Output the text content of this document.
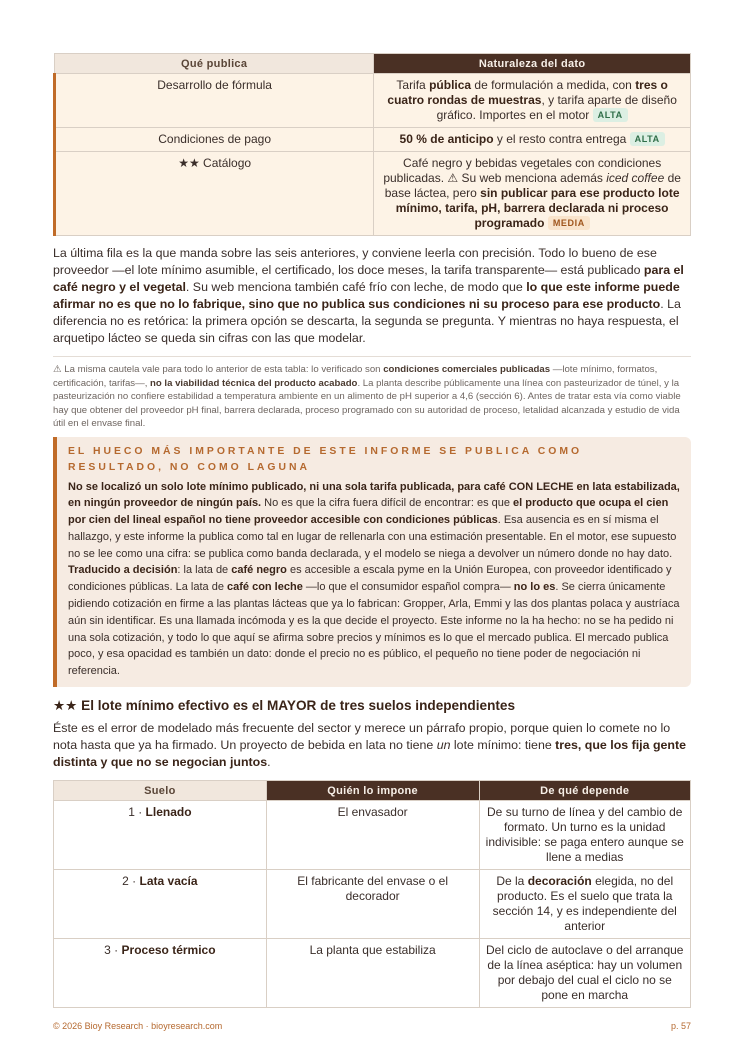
Qué publica	Naturaleza del dato
Desarrollo de fórmula	Tarifa pública de formulación a medida, con tres o cuatro rondas de muestras, y tarifa aparte de diseño gráfico. Importes en el motor ALTA
Condiciones de pago	50 % de anticipo y el resto contra entrega ALTA
★★ Catálogo	Café negro y bebidas vegetales con condiciones publicadas. ⚠ Su web menciona además iced coffee de base láctea, pero sin publicar para ese producto lote mínimo, tarifa, pH, barrera declarada ni proceso programado MEDIA

La última fila es la que manda sobre las seis anteriores, y conviene leerla con precisión. Todo lo bueno de ese proveedor —el lote mínimo asumible, el certificado, los doce meses, la tarifa transparente— está publicado para el café negro y el vegetal. Su web menciona también café frío con leche, de modo que lo que este informe puede afirmar no es que no lo fabrique, sino que no publica sus condiciones ni su proceso para ese producto. La diferencia no es retórica: la primera opción se descarta, la segunda se pregunta. Y mientras no haya respuesta, el arquetipo lácteo se queda sin cifras con las que modelar.

⚠ La misma cautela vale para todo lo anterior de esta tabla: lo verificado son condiciones comerciales publicadas —lote mínimo, formatos, certificación, tarifas—, no la viabilidad técnica del producto acabado. La planta describe públicamente una línea con pasteurizador de túnel, y la pasteurización no confiere estabilidad a temperatura ambiente en un alimento de pH superior a 4,6 (sección 6). Antes de tratar esta vía como viable hay que obtener del proveedor pH final, barrera declarada, proceso programado con su autoridad de proceso, letalidad alcanzada y estudio de vida útil en el envase final.

EL HUECO MÁS IMPORTANTE DE ESTE INFORME SE PUBLICA COMO RESULTADO, NO COMO LAGUNA
No se localizó un solo lote mínimo publicado, ni una sola tarifa publicada, para café CON LECHE en lata estabilizada, en ningún proveedor de ningún país. No es que la cifra fuera difícil de encontrar: es que el producto que ocupa el cien por cien del lineal español no tiene proveedor accesible con condiciones públicas. Esa ausencia es en sí misma el hallazgo, y este informe la publica como tal en lugar de rellenarla con una estimación presentable. En el motor, ese supuesto no se lee como una cifra: se publica como banda declarada, y el modelo se niega a devolver un número donde no hay dato. Traducido a decisión: la lata de café negro es accesible a escala pyme en la Unión Europea, con proveedor identificado y condiciones públicas. La lata de café con leche —lo que el consumidor español compra— no lo es. Se cierra únicamente pidiendo cotización en firme a las plantas lácteas que ya lo fabrican: Gropper, Arla, Emmi y las dos plantas polaca y austríaca aún sin identificar. Es una llamada incómoda y es la que decide el proyecto. Este informe no la ha hecho: no se ha pedido ni una sola cotización, y todo lo que aquí se afirma sobre precios y mínimos es lo que el mercado publica. El mercado publica poco, y esa opacidad es también un dato: donde el precio no es público, el pequeño no tiene poder de negociación ni referencia.
★★ El lote mínimo efectivo es el MAYOR de tres suelos independientes

Éste es el error de modelado más frecuente del sector y merece un párrafo propio, porque quien lo comete no lo nota hasta que ya ha firmado. Un proyecto de bebida en lata no tiene un lote mínimo: tiene tres, que los fija gente distinta y que no se negocian juntos.

Suelo	Quién lo impone	De qué depende
1 · Llenado	El envasador	De su turno de línea y del cambio de formato. Un turno es la unidad indivisible: se paga entero aunque se llene a medias
2 · Lata vacía	El fabricante del envase o el decorador	De la decoración elegida, no del producto. Es el suelo que trata la sección 14, y es independiente del anterior
3 · Proceso térmico	La planta que estabiliza	Del ciclo de autoclave o del arranque de la línea aséptica: hay un volumen por debajo del cual el ciclo no se pone en marcha
© 2026 Bioy Research · bioyresearch.com	p. 57
